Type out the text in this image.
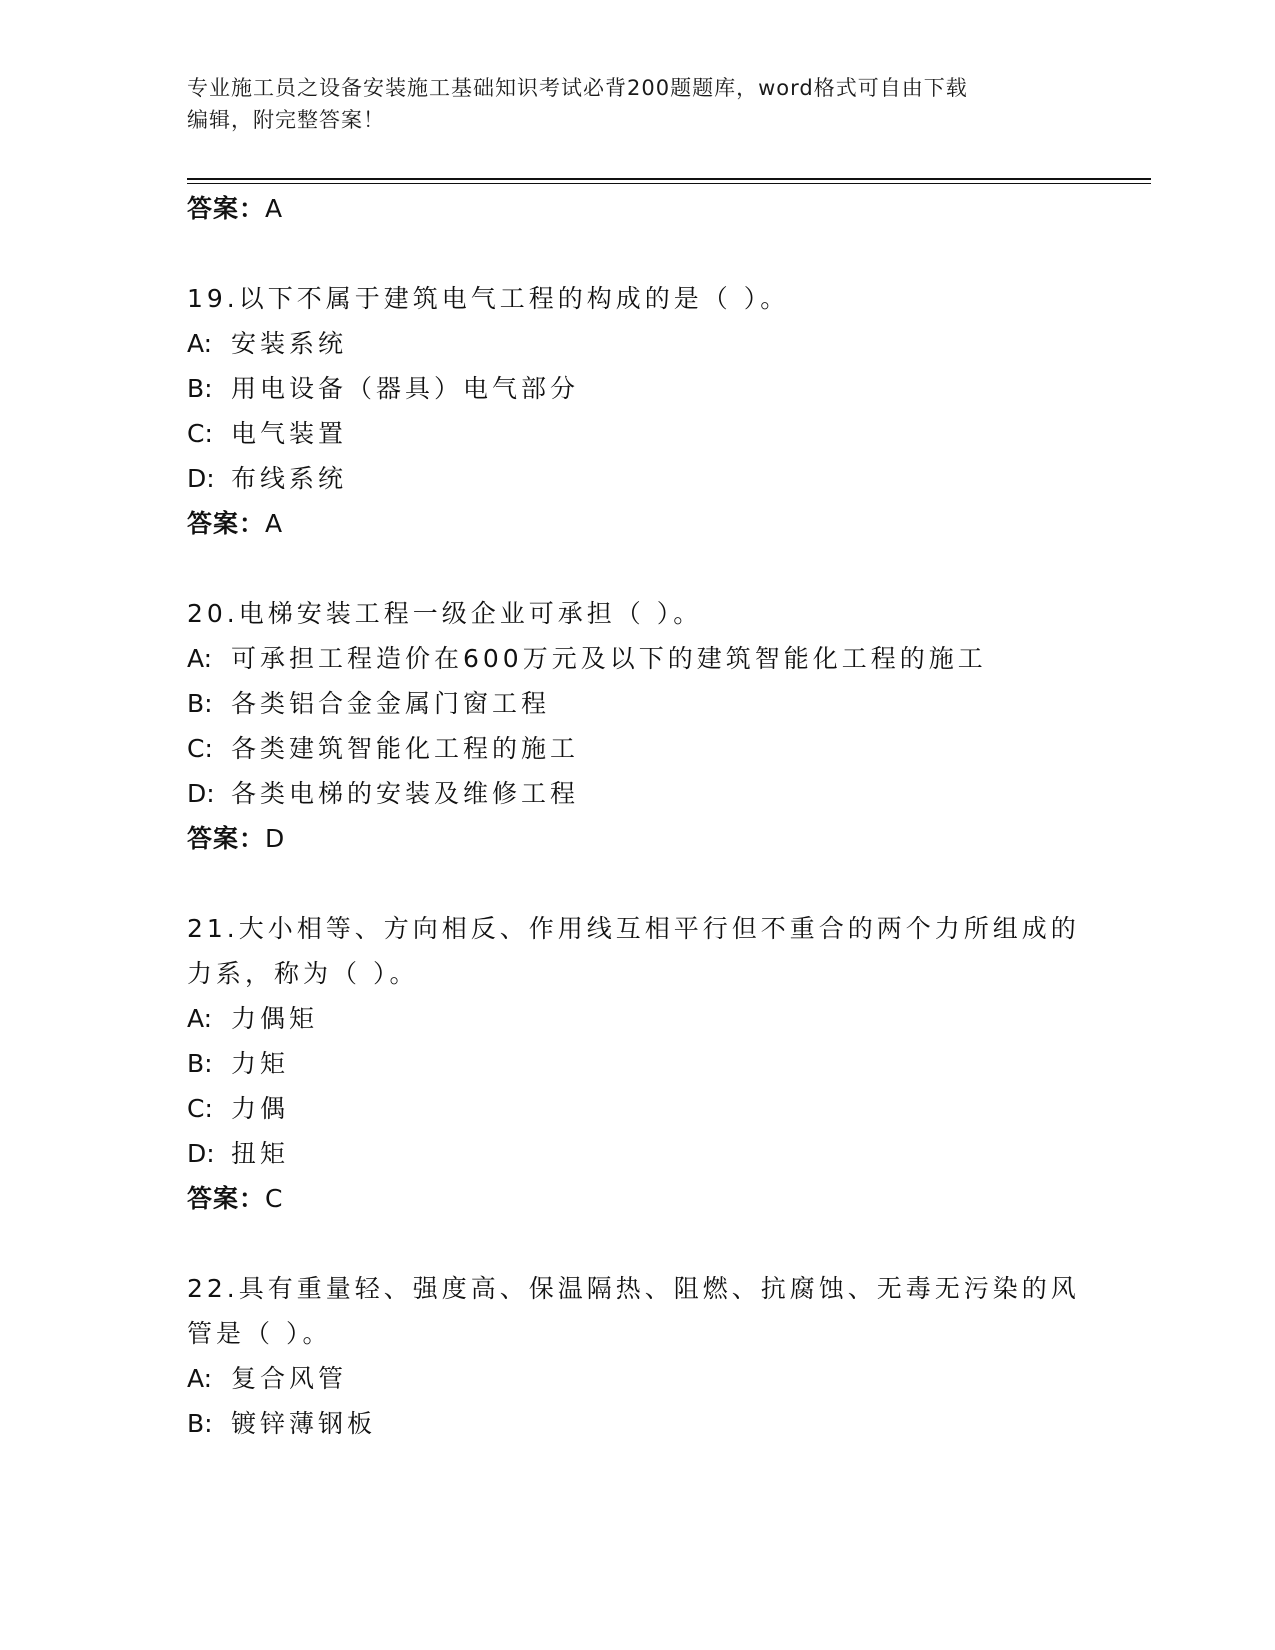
专业施工员之设备安装施工基础知识考试必背200题题库，word格式可自由下载
编辑，附完整答案！
答案：A

19.以下不属于建筑电气工程的构成的是（ ）。

A: 安装系统
B: 用电设备（器具）电气部分
C: 电气装置
D: 布线系统
答案：A

20.电梯安装工程一级企业可承担（ ）。

A: 可承担工程造价在600万元及以下的建筑智能化工程的施工
B: 各类铝合金金属门窗工程
C: 各类建筑智能化工程的施工
D: 各类电梯的安装及维修工程
答案：D

21.大小相等、方向相反、作用线互相平行但不重合的两个力所组成的力系，称为（ ）。

A: 力偶矩
B: 力矩
C: 力偶
D: 扭矩
答案：C

22.具有重量轻、强度高、保温隔热、阻燃、抗腐蚀、无毒无污染的风管是（ ）。

A: 复合风管
B: 镀锌薄钢板
